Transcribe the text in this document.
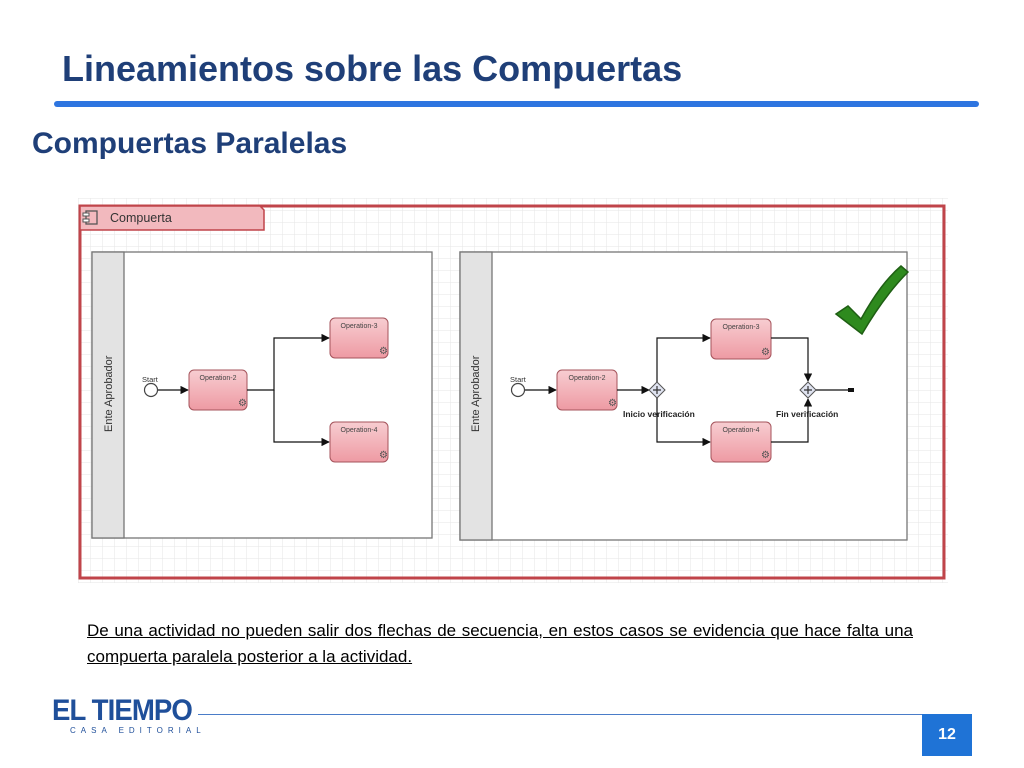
Lineamientos sobre las Compuertas
Compuertas Paralelas
Compuerta
Ente Aprobador	Start	Operation-2
⚙
Operation-3
⚙
Operation-4
⚙
Ente Aprobador	Start	Operation-2
⚙
Inicio verificación
Operation-3
⚙
Operation-4
⚙
Fin verificación
De una actividad no pueden salir dos flechas de secuencia, en estos casos se evidencia que hace falta una compuerta paralela posterior a la actividad.
EL TIEMPO
CASA EDITORIAL	12
